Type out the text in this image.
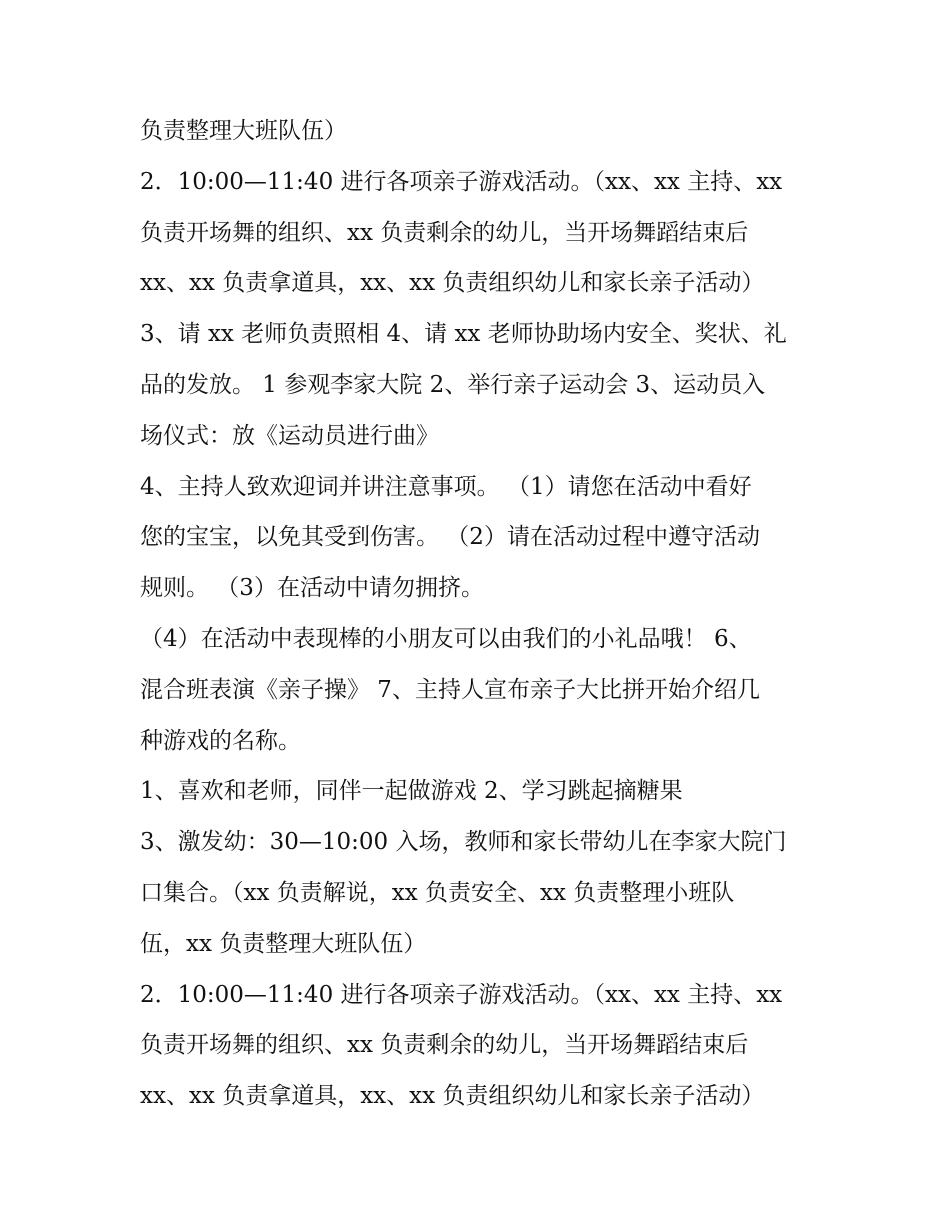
负责整理大班队伍）
2．10:00—11:40 进行各项亲子游戏活动。（xx、xx 主持、xx
负责开场舞的组织、xx 负责剩余的幼儿，当开场舞蹈结束后
xx、xx 负责拿道具，xx、xx 负责组织幼儿和家长亲子活动）
3、请 xx 老师负责照相 4、请 xx 老师协助场内安全、奖状、礼
品的发放。 1 参观李家大院 2、举行亲子运动会 3、运动员入
场仪式：放《运动员进行曲》
4、主持人致欢迎词并讲注意事项。 （1）请您在活动中看好
您的宝宝，以免其受到伤害。 （2）请在活动过程中遵守活动
规则。 （3）在活动中请勿拥挤。
（4）在活动中表现棒的小朋友可以由我们的小礼品哦！ 6、
混合班表演《亲子操》 7、主持人宣布亲子大比拼开始介绍几
种游戏的名称。
1、喜欢和老师，同伴一起做游戏 2、学习跳起摘糖果
3、激发幼：30—10:00 入场，教师和家长带幼儿在李家大院门
口集合。（xx 负责解说，xx 负责安全、xx 负责整理小班队
伍，xx 负责整理大班队伍）
2．10:00—11:40 进行各项亲子游戏活动。（xx、xx 主持、xx
负责开场舞的组织、xx 负责剩余的幼儿，当开场舞蹈结束后
xx、xx 负责拿道具，xx、xx 负责组织幼儿和家长亲子活动）
